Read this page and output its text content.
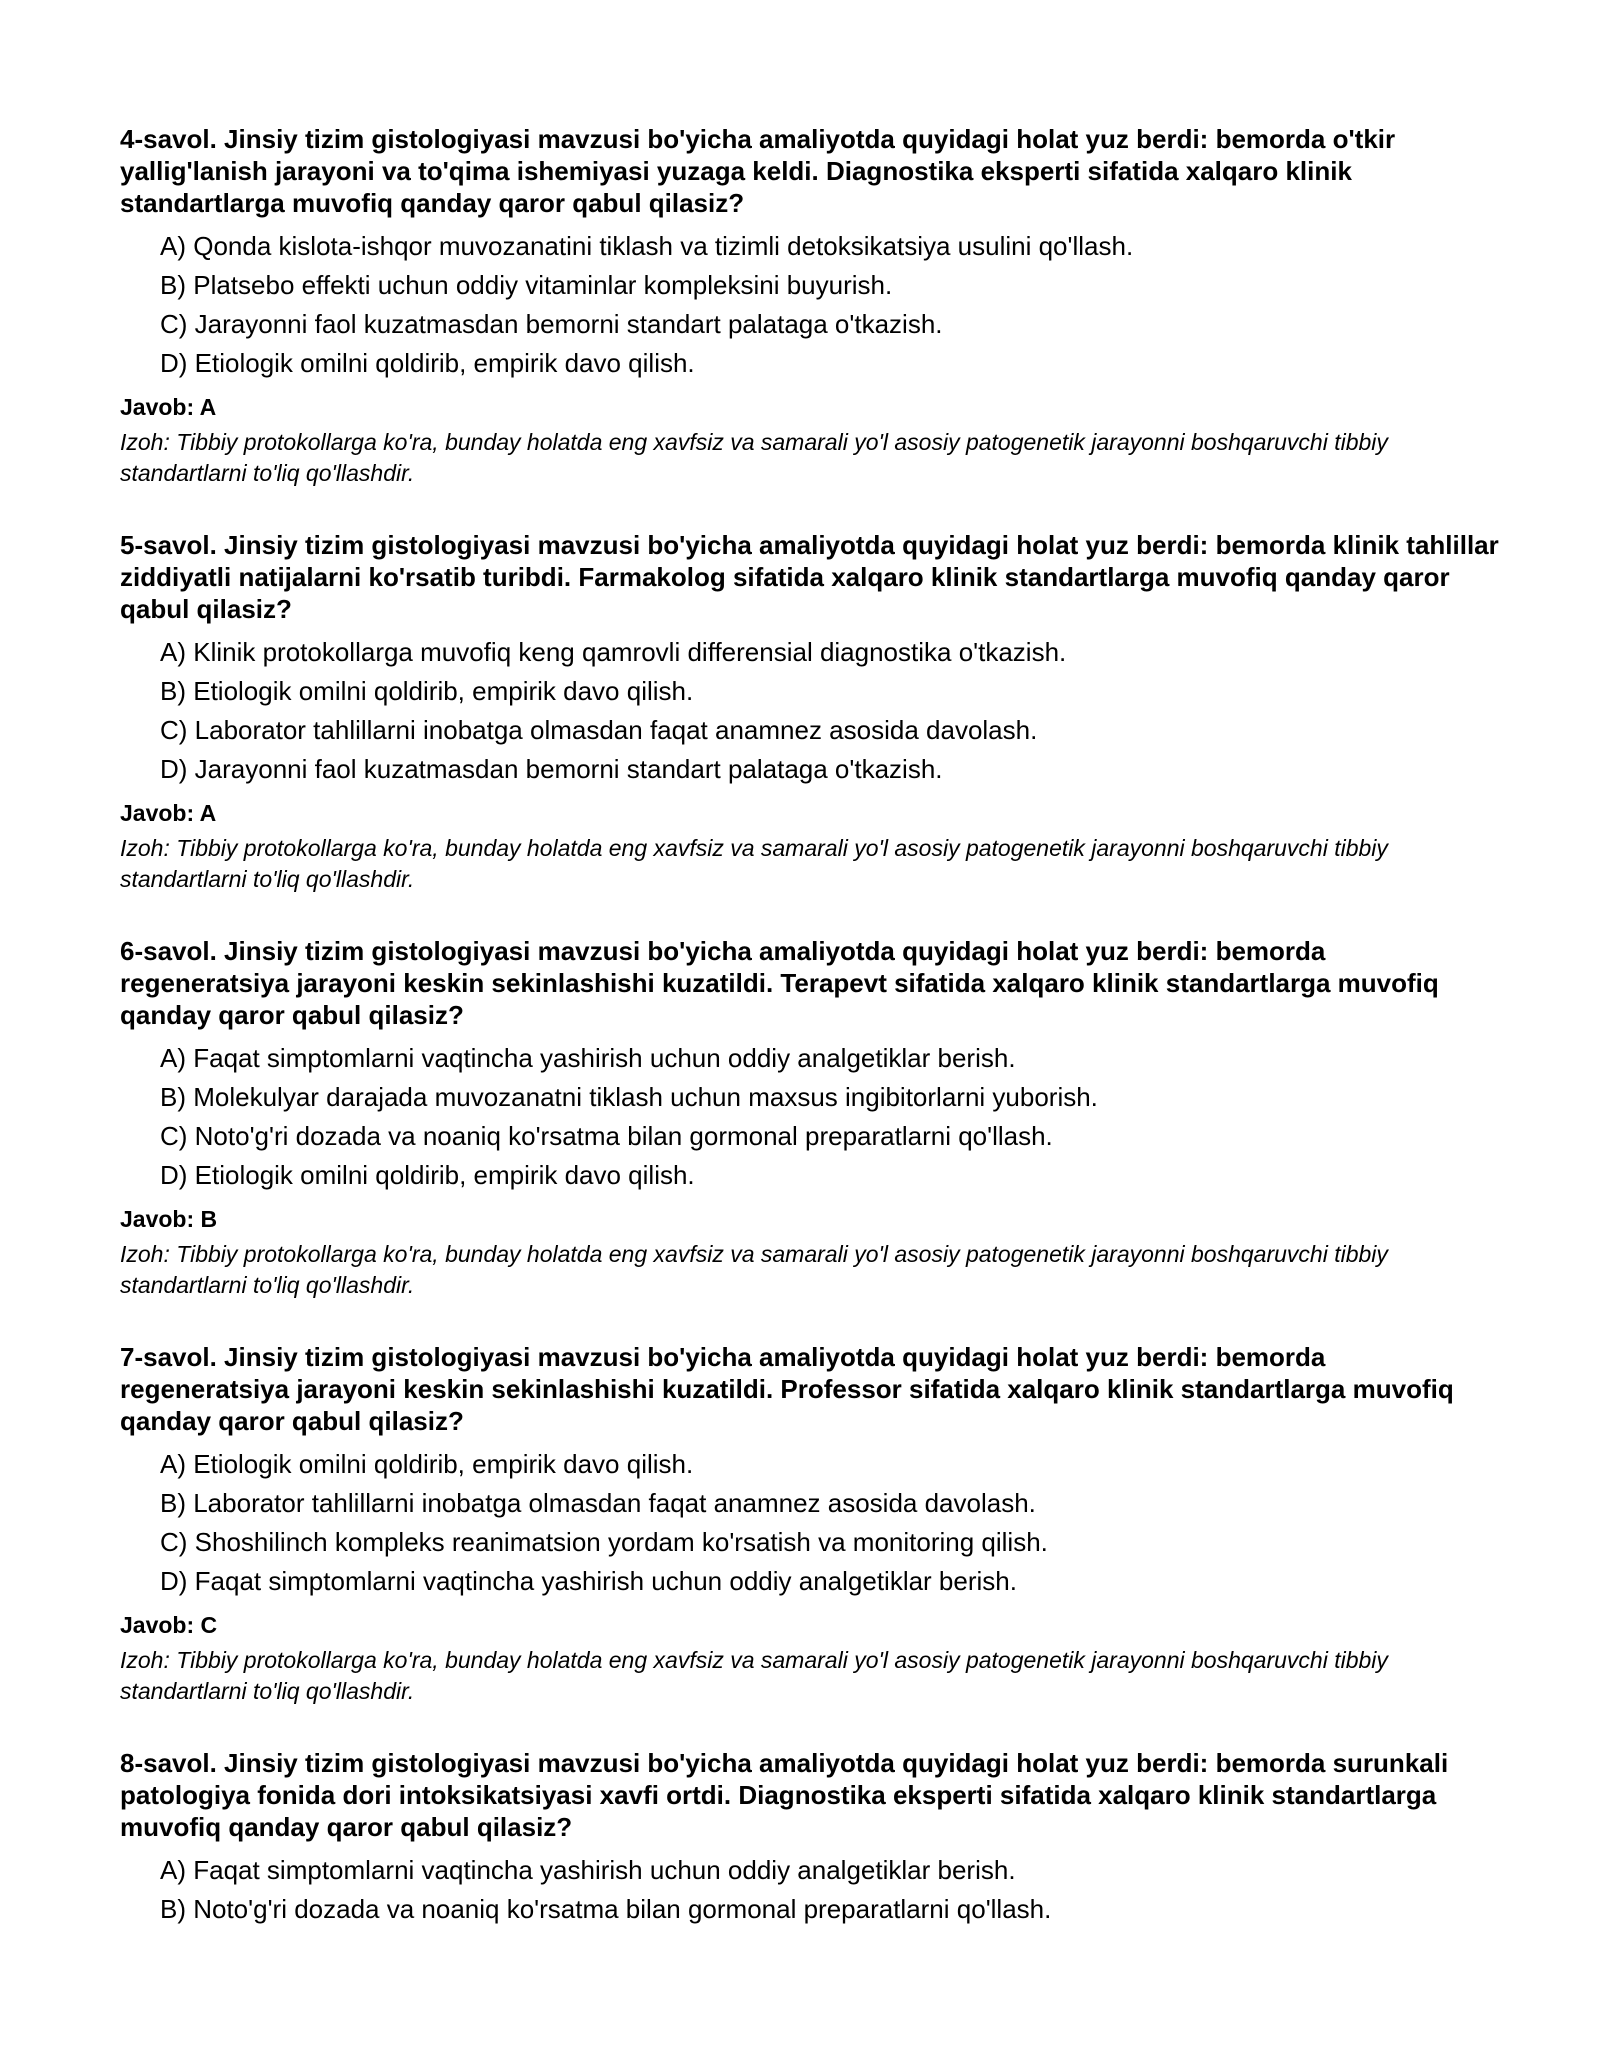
4-savol. Jinsiy tizim gistologiyasi mavzusi bo'yicha amaliyotda quyidagi holat yuz berdi: bemorda o'tkir yallig'lanish jarayoni va to'qima ishemiyasi yuzaga keldi. Diagnostika eksperti sifatida xalqaro klinik standartlarga muvofiq qanday qaror qabul qilasiz?

A) Qonda kislota-ishqor muvozanatini tiklash va tizimli detoksikatsiya usulini qo'llash.
B) Platsebo effekti uchun oddiy vitaminlar kompleksini buyurish.
C) Jarayonni faol kuzatmasdan bemorni standart palataga o'tkazish.
D) Etiologik omilni qoldirib, empirik davo qilish.

Javob: A

Izoh: Tibbiy protokollarga ko'ra, bunday holatda eng xavfsiz va samarali yo'l asosiy patogenetik jarayonni boshqaruvchi tibbiy standartlarni to'liq qo'llashdir.

5-savol. Jinsiy tizim gistologiyasi mavzusi bo'yicha amaliyotda quyidagi holat yuz berdi: bemorda klinik tahlillar ziddiyatli natijalarni ko'rsatib turibdi. Farmakolog sifatida xalqaro klinik standartlarga muvofiq qanday qaror qabul qilasiz?

A) Klinik protokollarga muvofiq keng qamrovli differensial diagnostika o'tkazish.
B) Etiologik omilni qoldirib, empirik davo qilish.
C) Laborator tahlillarni inobatga olmasdan faqat anamnez asosida davolash.
D) Jarayonni faol kuzatmasdan bemorni standart palataga o'tkazish.

Javob: A

Izoh: Tibbiy protokollarga ko'ra, bunday holatda eng xavfsiz va samarali yo'l asosiy patogenetik jarayonni boshqaruvchi tibbiy standartlarni to'liq qo'llashdir.

6-savol. Jinsiy tizim gistologiyasi mavzusi bo'yicha amaliyotda quyidagi holat yuz berdi: bemorda regeneratsiya jarayoni keskin sekinlashishi kuzatildi. Terapevt sifatida xalqaro klinik standartlarga muvofiq qanday qaror qabul qilasiz?

A) Faqat simptomlarni vaqtincha yashirish uchun oddiy analgetiklar berish.
B) Molekulyar darajada muvozanatni tiklash uchun maxsus ingibitorlarni yuborish.
C) Noto'g'ri dozada va noaniq ko'rsatma bilan gormonal preparatlarni qo'llash.
D) Etiologik omilni qoldirib, empirik davo qilish.

Javob: B

Izoh: Tibbiy protokollarga ko'ra, bunday holatda eng xavfsiz va samarali yo'l asosiy patogenetik jarayonni boshqaruvchi tibbiy standartlarni to'liq qo'llashdir.

7-savol. Jinsiy tizim gistologiyasi mavzusi bo'yicha amaliyotda quyidagi holat yuz berdi: bemorda regeneratsiya jarayoni keskin sekinlashishi kuzatildi. Professor sifatida xalqaro klinik standartlarga muvofiq qanday qaror qabul qilasiz?

A) Etiologik omilni qoldirib, empirik davo qilish.
B) Laborator tahlillarni inobatga olmasdan faqat anamnez asosida davolash.
C) Shoshilinch kompleks reanimatsion yordam ko'rsatish va monitoring qilish.
D) Faqat simptomlarni vaqtincha yashirish uchun oddiy analgetiklar berish.

Javob: C

Izoh: Tibbiy protokollarga ko'ra, bunday holatda eng xavfsiz va samarali yo'l asosiy patogenetik jarayonni boshqaruvchi tibbiy standartlarni to'liq qo'llashdir.

8-savol. Jinsiy tizim gistologiyasi mavzusi bo'yicha amaliyotda quyidagi holat yuz berdi: bemorda surunkali patologiya fonida dori intoksikatsiyasi xavfi ortdi. Diagnostika eksperti sifatida xalqaro klinik standartlarga muvofiq qanday qaror qabul qilasiz?

A) Faqat simptomlarni vaqtincha yashirish uchun oddiy analgetiklar berish.
B) Noto'g'ri dozada va noaniq ko'rsatma bilan gormonal preparatlarni qo'llash.
